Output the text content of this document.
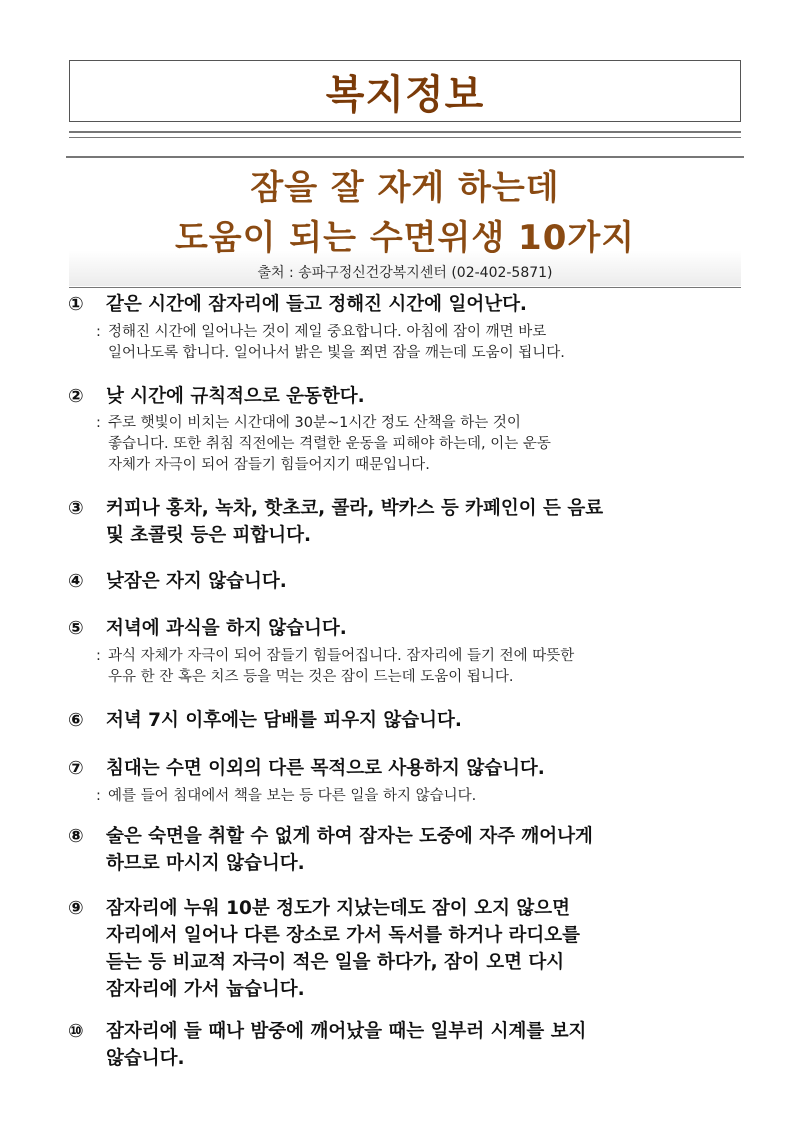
복지정보
잠을 잘 자게 하는데
도움이 되는 수면위생 10가지
출처 : 송파구정신건강복지센터 (02-402-5871)
①	같은 시간에 잠자리에 들고 정해진 시간에 일어난다.
: 정해진 시간에 일어나는 것이 제일 중요합니다. 아침에 잠이 깨면 바로
일어나도록 합니다. 일어나서 밝은 빛을 쬐면 잠을 깨는데 도움이 됩니다.
②	낮 시간에 규칙적으로 운동한다.
: 주로 햇빛이 비치는 시간대에 30분~1시간 정도 산책을 하는 것이
좋습니다. 또한 취침 직전에는 격렬한 운동을 피해야 하는데, 이는 운동
자체가 자극이 되어 잠들기 힘들어지기 때문입니다.
③	커피나 홍차, 녹차, 핫초코, 콜라, 박카스 등 카페인이 든 음료
및 초콜릿 등은 피합니다.
④	낮잠은 자지 않습니다.
⑤	저녁에 과식을 하지 않습니다.
: 과식 자체가 자극이 되어 잠들기 힘들어집니다. 잠자리에 들기 전에 따뜻한
우유 한 잔 혹은 치즈 등을 먹는 것은 잠이 드는데 도움이 됩니다.
⑥	저녁 7시 이후에는 담배를 피우지 않습니다.
⑦	침대는 수면 이외의 다른 목적으로 사용하지 않습니다.
: 예를 들어 침대에서 책을 보는 등 다른 일을 하지 않습니다.
⑧	술은 숙면을 취할 수 없게 하여 잠자는 도중에 자주 깨어나게
하므로 마시지 않습니다.
⑨	잠자리에 누워 10분 정도가 지났는데도 잠이 오지 않으면
자리에서 일어나 다른 장소로 가서 독서를 하거나 라디오를
듣는 등 비교적 자극이 적은 일을 하다가, 잠이 오면 다시
잠자리에 가서 눕습니다.
⑩	잠자리에 들 때나 밤중에 깨어났을 때는 일부러 시계를 보지
않습니다.
